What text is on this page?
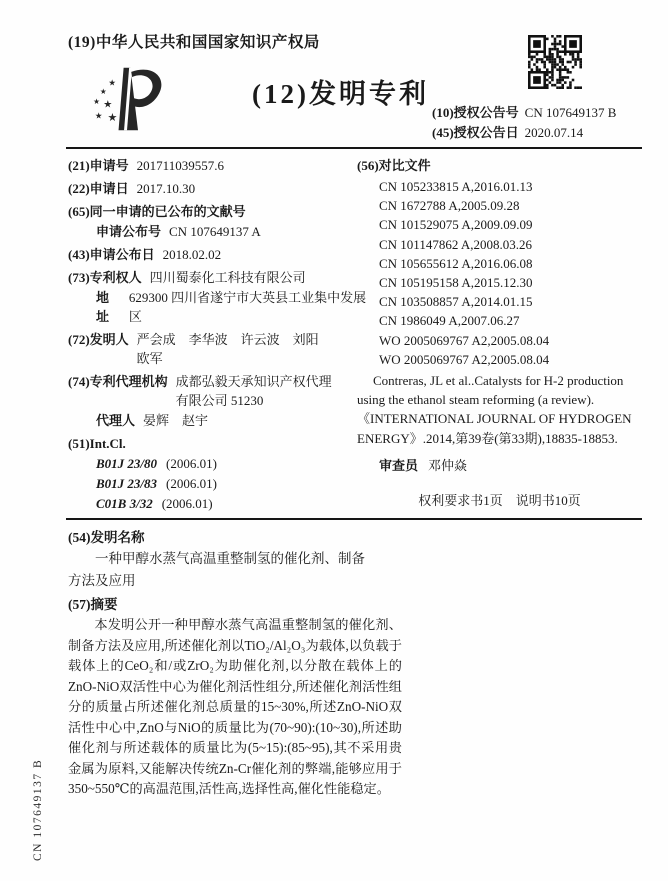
(19)中华人民共和国国家知识产权局
★
★
★ ★
★ ★
(12)发明专利
(10)授权公告号 CN 107649137 B
(45)授权公告日 2020.07.14
(21)申请号 201711039557.6
(22)申请日 2017.10.30
(65)同一申请的已公布的文献号
申请公布号 CN 107649137 A
(43)申请公布日 2018.02.02
(73)专利权人 四川蜀泰化工科技有限公司
地址
629300 四川省遂宁市大英县工业集中发展区
(72)发明人 严会成　李华波　许云波　刘阳　欧军
(74)专利代理机构 成都弘毅天承知识产权代理有限公司 51230
代理人 晏辉　赵宇
(51)Int.Cl.
B01J 23/80 (2006.01)
B01J 23/83 (2006.01)
C01B 3/32 (2006.01)
(56)对比文件
CN 105233815 A,2016.01.13
CN 1672788 A,2005.09.28
CN 101529075 A,2009.09.09
CN 101147862 A,2008.03.26
CN 105655612 A,2016.06.08
CN 105195158 A,2015.12.30
CN 103508857 A,2014.01.15
CN 1986049 A,2007.06.27
WO 2005069767 A2,2005.08.04
WO 2005069767 A2,2005.08.04

Contreras, JL et al..Catalysts for H-2 production using the ethanol steam reforming (a review).《INTERNATIONAL JOURNAL OF HYDROGEN ENERGY》.2014,第39卷(第33期),18835-18853.

审查员 邓仲焱
权利要求书1页　说明书10页
(54)发明名称
一种甲醇水蒸气高温重整制氢的催化剂、制备方法及应用
(57)摘要
本发明公开一种甲醇水蒸气高温重整制氢的催化剂、制备方法及应用,所述催化剂以TiO₂/Al₂O₃为载体,以负载于载体上的CeO₂和/或ZrO₂为助催化剂,以分散在载体上的ZnO-NiO双活性中心为催化剂活性组分,所述催化剂活性组分的质量占所述催化剂总质量的15~30%,所述ZnO-NiO双活性中心中,ZnO与NiO的质量比为(70~90):(10~30),所述助催化剂与所述载体的质量比为(5~15):(85~95),其不采用贵金属为原料,又能解决传统Zn-Cr催化剂的弊端,能够应用于350~550℃的高温范围,活性高,选择性高,催化性能稳定。
CN 107649137 B
